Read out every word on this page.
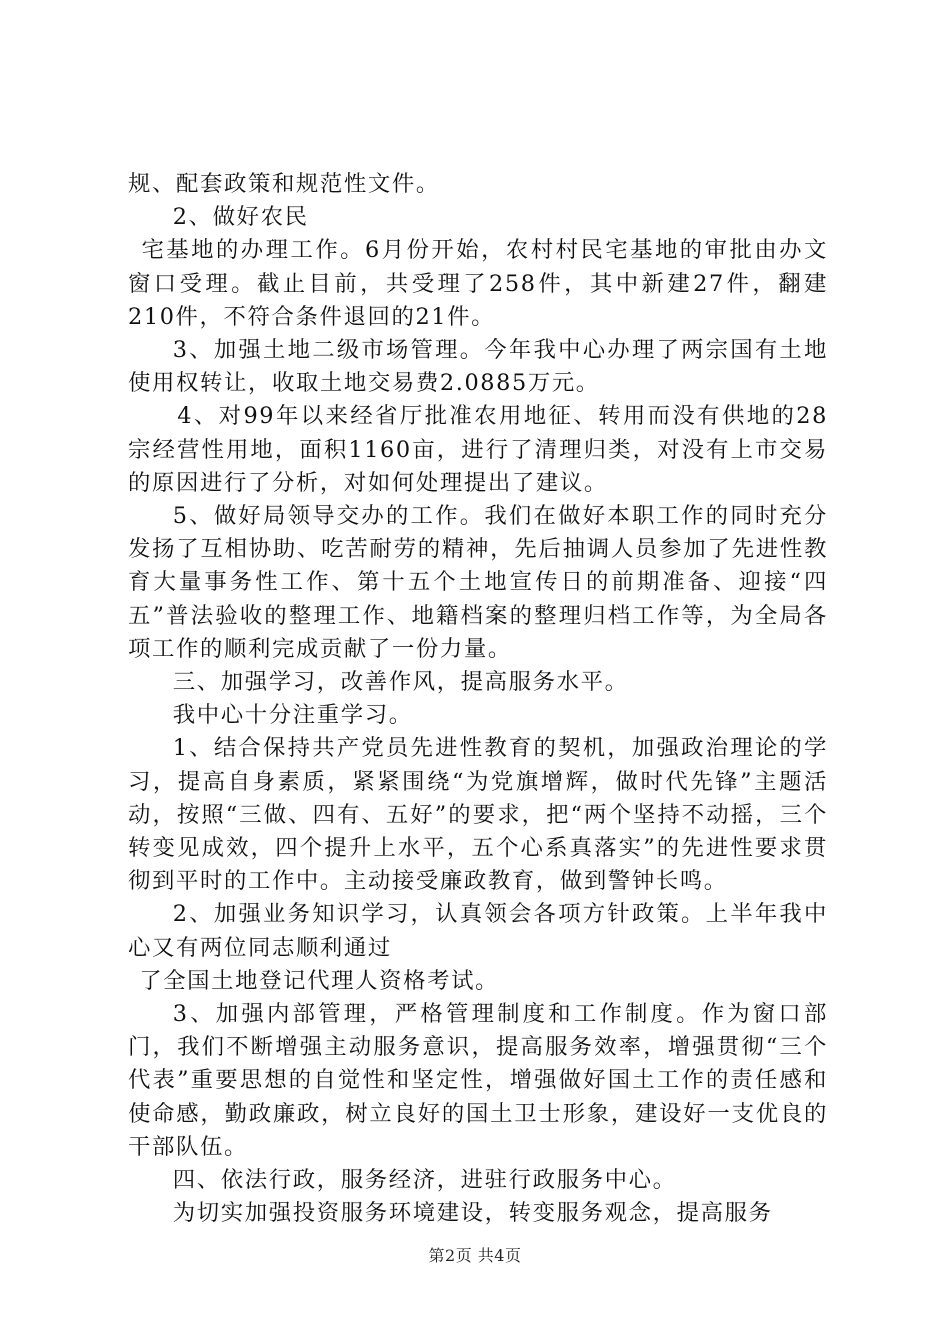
规、配套政策和规范性文件。

2、做好农民

宅基地的办理工作。6月份开始，农村村民宅基地的审批由办文窗口受理。截止目前，共受理了258件，其中新建27件，翻建210件，不符合条件退回的21件。

3、加强土地二级市场管理。今年我中心办理了两宗国有土地使用权转让，收取土地交易费2.0885万元。

4、对99年以来经省厅批准农用地征、转用而没有供地的28宗经营性用地，面积1160亩，进行了清理归类，对没有上市交易的原因进行了分析，对如何处理提出了建议。

5、做好局领导交办的工作。我们在做好本职工作的同时充分发扬了互相协助、吃苦耐劳的精神，先后抽调人员参加了先进性教育大量事务性工作、第十五个土地宣传日的前期准备、迎接“四五”普法验收的整理工作、地籍档案的整理归档工作等，为全局各项工作的顺利完成贡献了一份力量。

三、加强学习，改善作风，提高服务水平。

我中心十分注重学习。

1、结合保持共产党员先进性教育的契机，加强政治理论的学习，提高自身素质，紧紧围绕“为党旗增辉，做时代先锋”主题活动，按照“三做、四有、五好”的要求，把“两个坚持不动摇，三个转变见成效，四个提升上水平，五个心系真落实”的先进性要求贯彻到平时的工作中。主动接受廉政教育，做到警钟长鸣。

2、加强业务知识学习，认真领会各项方针政策。上半年我中心又有两位同志顺利通过

了全国土地登记代理人资格考试。

3、加强内部管理，严格管理制度和工作制度。作为窗口部门，我们不断增强主动服务意识，提高服务效率，增强贯彻“三个代表”重要思想的自觉性和坚定性，增强做好国土工作的责任感和使命感，勤政廉政，树立良好的国土卫士形象，建设好一支优良的干部队伍。

四、依法行政，服务经济，进驻行政服务中心。

为切实加强投资服务环境建设，转变服务观念，提高服务

第2页 共4页
